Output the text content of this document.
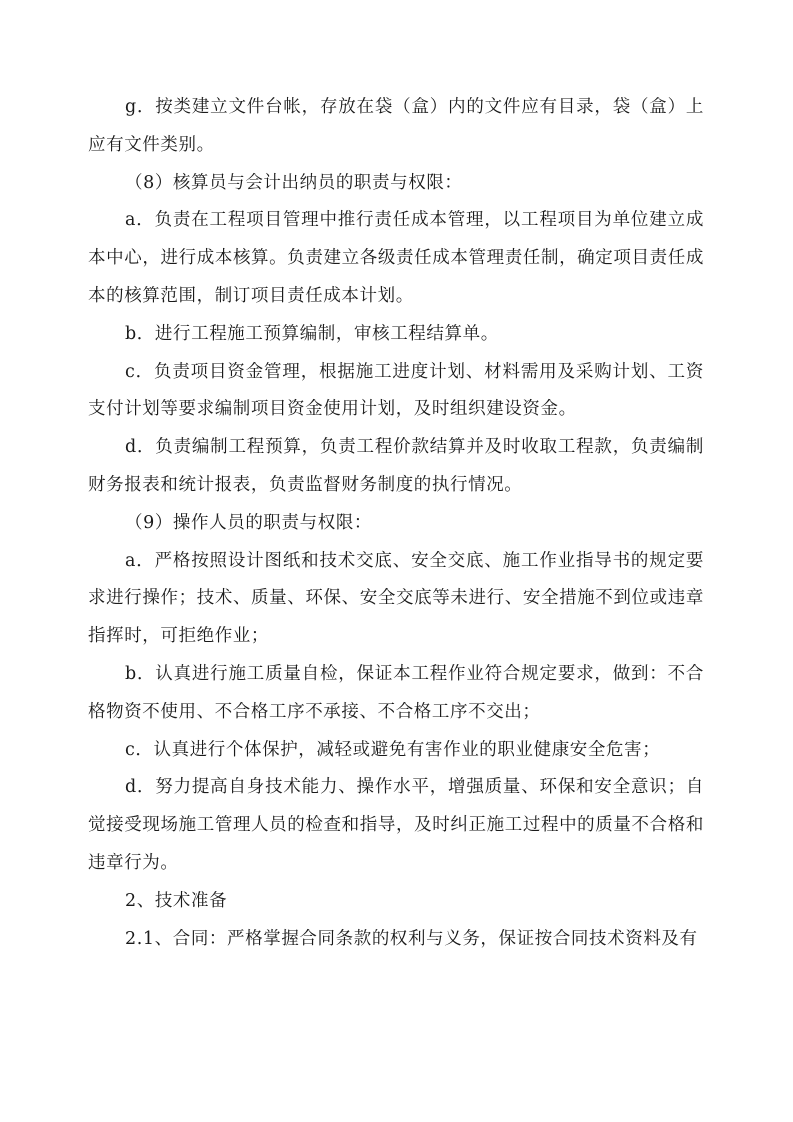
g．按类建立文件台帐，存放在袋（盒）内的文件应有目录，袋（盒）上应有文件类别。

（8）核算员与会计出纳员的职责与权限：

a．负责在工程项目管理中推行责任成本管理，以工程项目为单位建立成本中心，进行成本核算。负责建立各级责任成本管理责任制，确定项目责任成本的核算范围，制订项目责任成本计划。

b．进行工程施工预算编制，审核工程结算单。

c．负责项目资金管理，根据施工进度计划、材料需用及采购计划、工资支付计划等要求编制项目资金使用计划，及时组织建设资金。

d．负责编制工程预算，负责工程价款结算并及时收取工程款，负责编制财务报表和统计报表，负责监督财务制度的执行情况。

（9）操作人员的职责与权限：

a．严格按照设计图纸和技术交底、安全交底、施工作业指导书的规定要求进行操作；技术、质量、环保、安全交底等未进行、安全措施不到位或违章指挥时，可拒绝作业；

b．认真进行施工质量自检，保证本工程作业符合规定要求，做到：不合格物资不使用、不合格工序不承接、不合格工序不交出；

c．认真进行个体保护，减轻或避免有害作业的职业健康安全危害；

d．努力提高自身技术能力、操作水平，增强质量、环保和安全意识；自觉接受现场施工管理人员的检查和指导，及时纠正施工过程中的质量不合格和违章行为。

2、技术准备

2.1、合同：严格掌握合同条款的权利与义务，保证按合同技术资料及有
